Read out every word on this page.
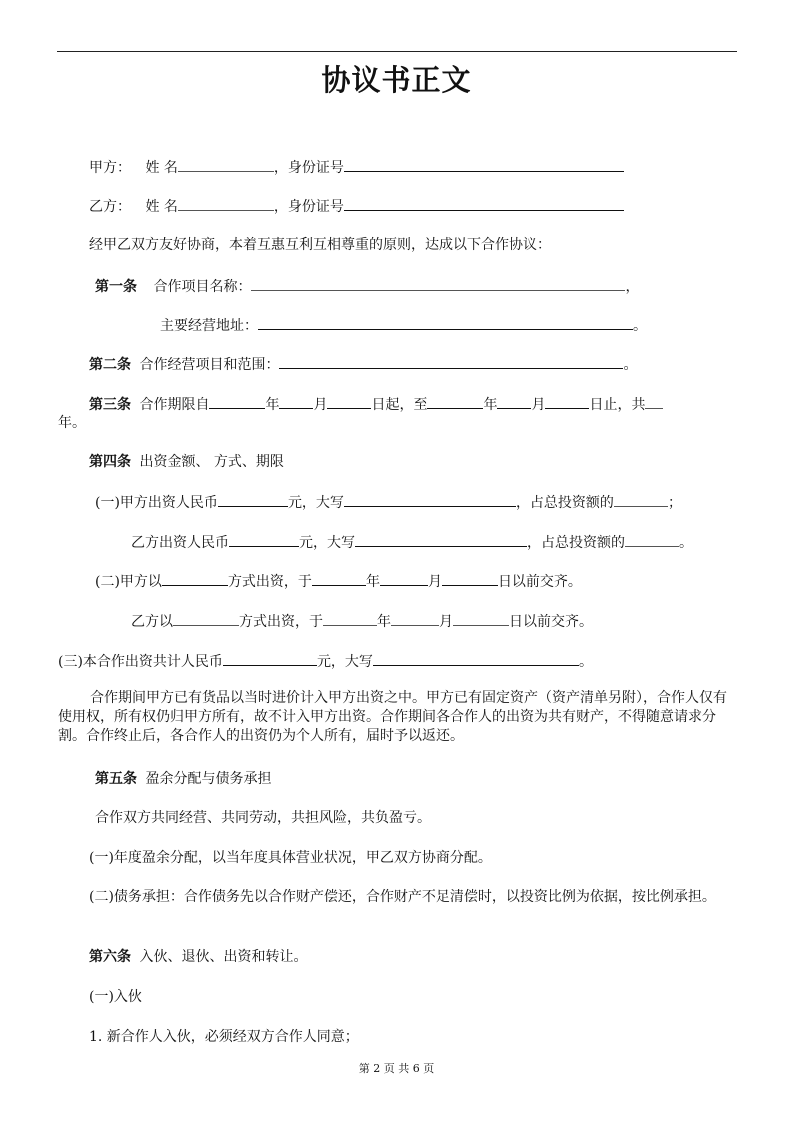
协议书正文
甲方： 姓 名	，身份证号
乙方： 姓 名	，身份证号
经甲乙双方友好协商，本着互惠互利互相尊重的原则，达成以下合作协议：
第一条 合作项目名称：	，
主要经营地址：	。
第二条 合作经营项目和范围：	。
第三条 合作期限自	年 月	日起，至	年 月	日止，共
年。
第四条 出资金额、 方式、期限
(一)甲方出资人民币	元，大写	，占总投资额的	；
乙方出资人民币	元，大写	，占总投资额的	。
(二)甲方以	方式出资，于	年	月	日以前交齐。
乙方以	方式出资，于	年	月	日以前交齐。
(三)本合作出资共计人民币	元，大写	。
合作期间甲方已有货品以当时进价计入甲方出资之中。甲方已有固定资产（资产清单另附），合作人仅有使用权，所有权仍归甲方所有，故不计入甲方出资。合作期间各合作人的出资为共有财产，不得随意请求分割。合作终止后，各合作人的出资仍为个人所有，届时予以返还。
第五条 盈余分配与债务承担
合作双方共同经营、共同劳动，共担风险，共负盈亏。
(一)年度盈余分配，以当年度具体营业状况，甲乙双方协商分配。
(二)债务承担：合作债务先以合作财产偿还，合作财产不足清偿时，以投资比例为依据，按比例承担。
第六条 入伙、退伙、出资和转让。
(一)入伙
1. 新合作人入伙，必须经双方合作人同意；
第 2 页 共 6 页
